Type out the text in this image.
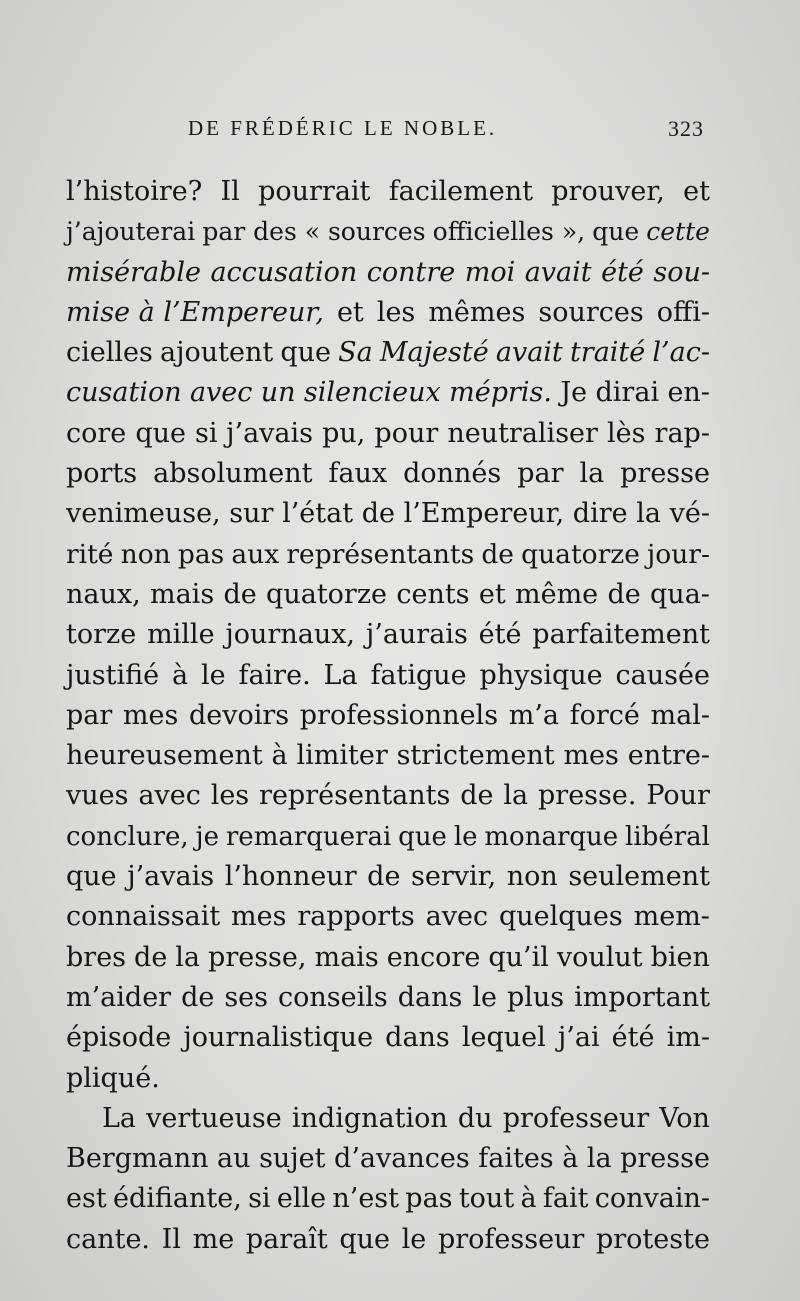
DE FRÉDÉRIC LE NOBLE.	323
l’histoire? Il pourrait facilement prouver, et
j’ajouterai par des « sources officielles », que cette
misérable accusation contre moi avait été sou-
mise à l’Empereur, et les mêmes sources offi-
cielles ajoutent que Sa Majesté avait traité l’ac-
cusation avec un silencieux mépris. Je dirai en-
core que si j’avais pu, pour neutraliser lès rap-
ports absolument faux donnés par la presse
venimeuse, sur l’état de l’Empereur, dire la vé-
rité non pas aux représentants de quatorze jour-
naux, mais de quatorze cents et même de qua-
torze mille journaux, j’aurais été parfaitement
justifié à le faire. La fatigue physique causée
par mes devoirs professionnels m’a forcé mal-
heureusement à limiter strictement mes entre-
vues avec les représentants de la presse. Pour
conclure, je remarquerai que le monarque libéral
que j’avais l’honneur de servir, non seulement
connaissait mes rapports avec quelques mem-
bres de la presse, mais encore qu’il voulut bien
m’aider de ses conseils dans le plus important
épisode journalistique dans lequel j’ai été im-
pliqué.
La vertueuse indignation du professeur Von
Bergmann au sujet d’avances faites à la presse
est édifiante, si elle n’est pas tout à fait convain-
cante. Il me paraît que le professeur proteste
